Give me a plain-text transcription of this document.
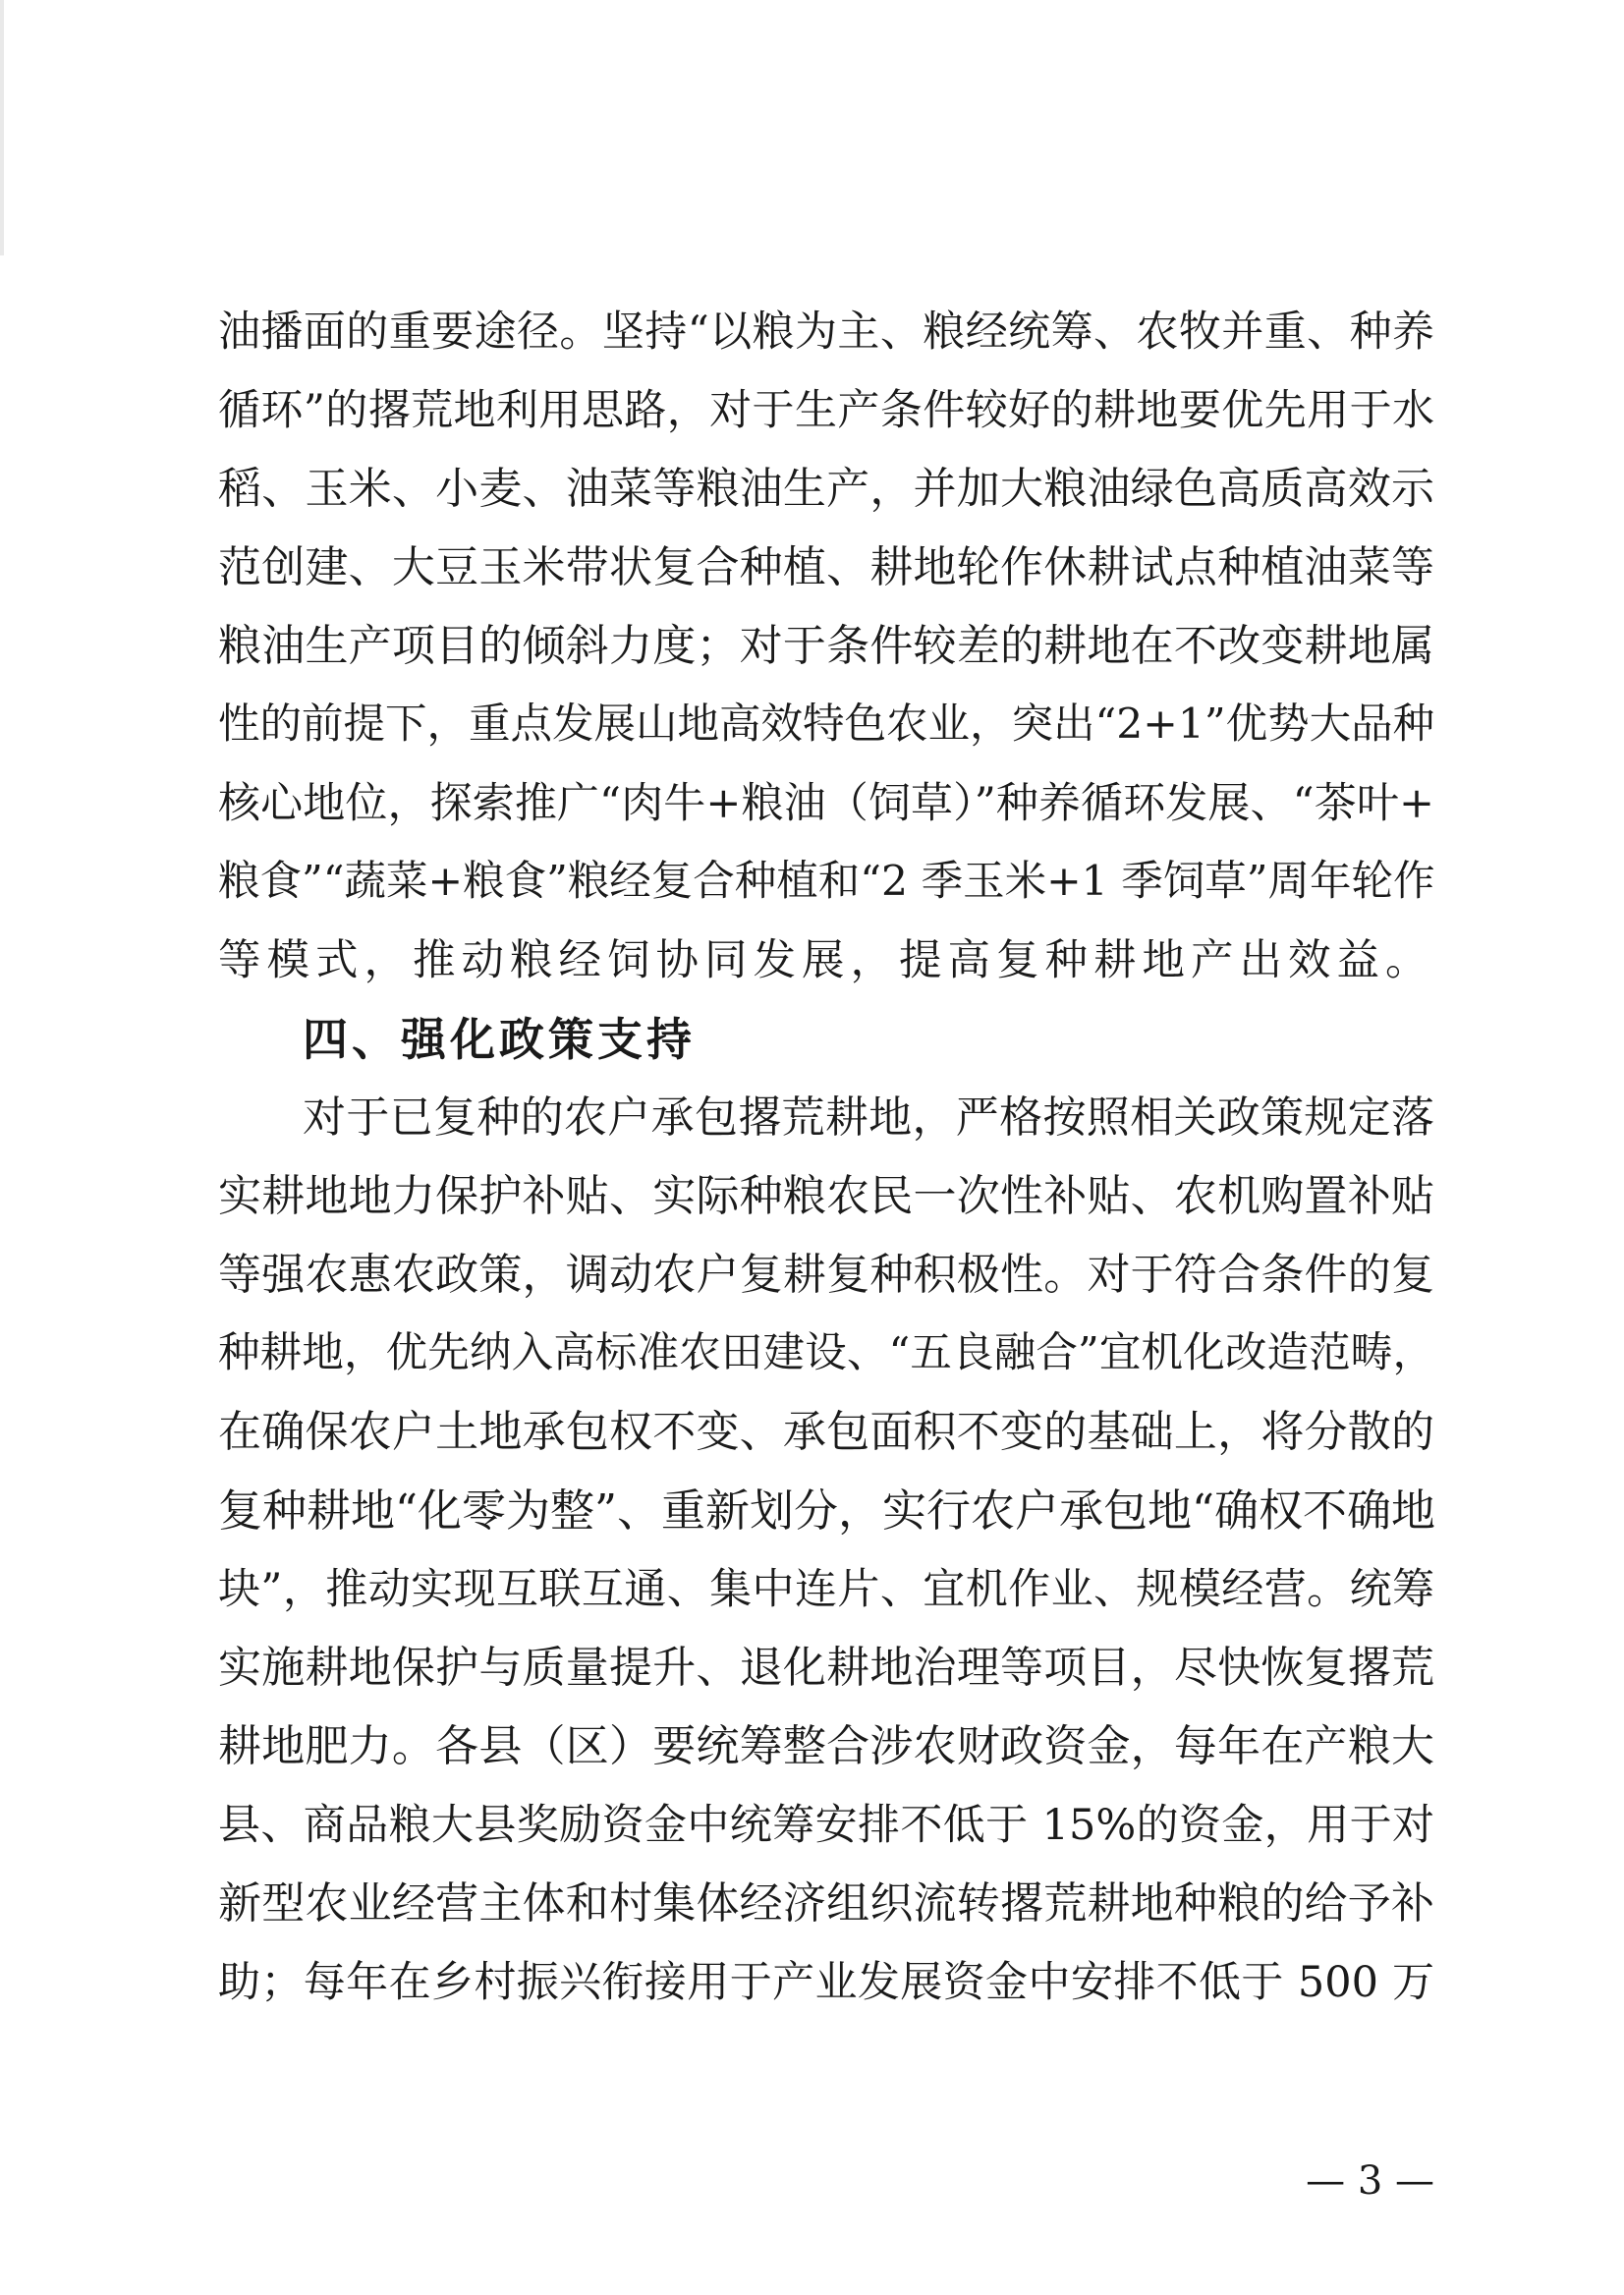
油播面的重要途径。坚持“以粮为主、粮经统筹、农牧并重、种养
循环”的撂荒地利用思路，对于生产条件较好的耕地要优先用于水
稻、玉米、小麦、油菜等粮油生产，并加大粮油绿色高质高效示
范创建、大豆玉米带状复合种植、耕地轮作休耕试点种植油菜等
粮油生产项目的倾斜力度；对于条件较差的耕地在不改变耕地属
性的前提下，重点发展山地高效特色农业，突出“2+1”优势大品种
核心地位，探索推广“肉牛+粮油（饲草）”种养循环发展、“茶叶+
粮食”“蔬菜+粮食”粮经复合种植和“2 季玉米+1 季饲草”周年轮作
等模式，推动粮经饲协同发展，提高复种耕地产出效益。
四、强化政策支持
对于已复种的农户承包撂荒耕地，严格按照相关政策规定落
实耕地地力保护补贴、实际种粮农民一次性补贴、农机购置补贴
等强农惠农政策，调动农户复耕复种积极性。对于符合条件的复
种耕地，优先纳入高标准农田建设、“五良融合”宜机化改造范畴，
在确保农户土地承包权不变、承包面积不变的基础上，将分散的
复种耕地“化零为整”、重新划分，实行农户承包地“确权不确地
块”，推动实现互联互通、集中连片、宜机作业、规模经营。统筹
实施耕地保护与质量提升、退化耕地治理等项目，尽快恢复撂荒
耕地肥力。各县（区）要统筹整合涉农财政资金，每年在产粮大
县、商品粮大县奖励资金中统筹安排不低于 15%的资金，用于对
新型农业经营主体和村集体经济组织流转撂荒耕地种粮的给予补
助；每年在乡村振兴衔接用于产业发展资金中安排不低于 500 万
— 3 —
